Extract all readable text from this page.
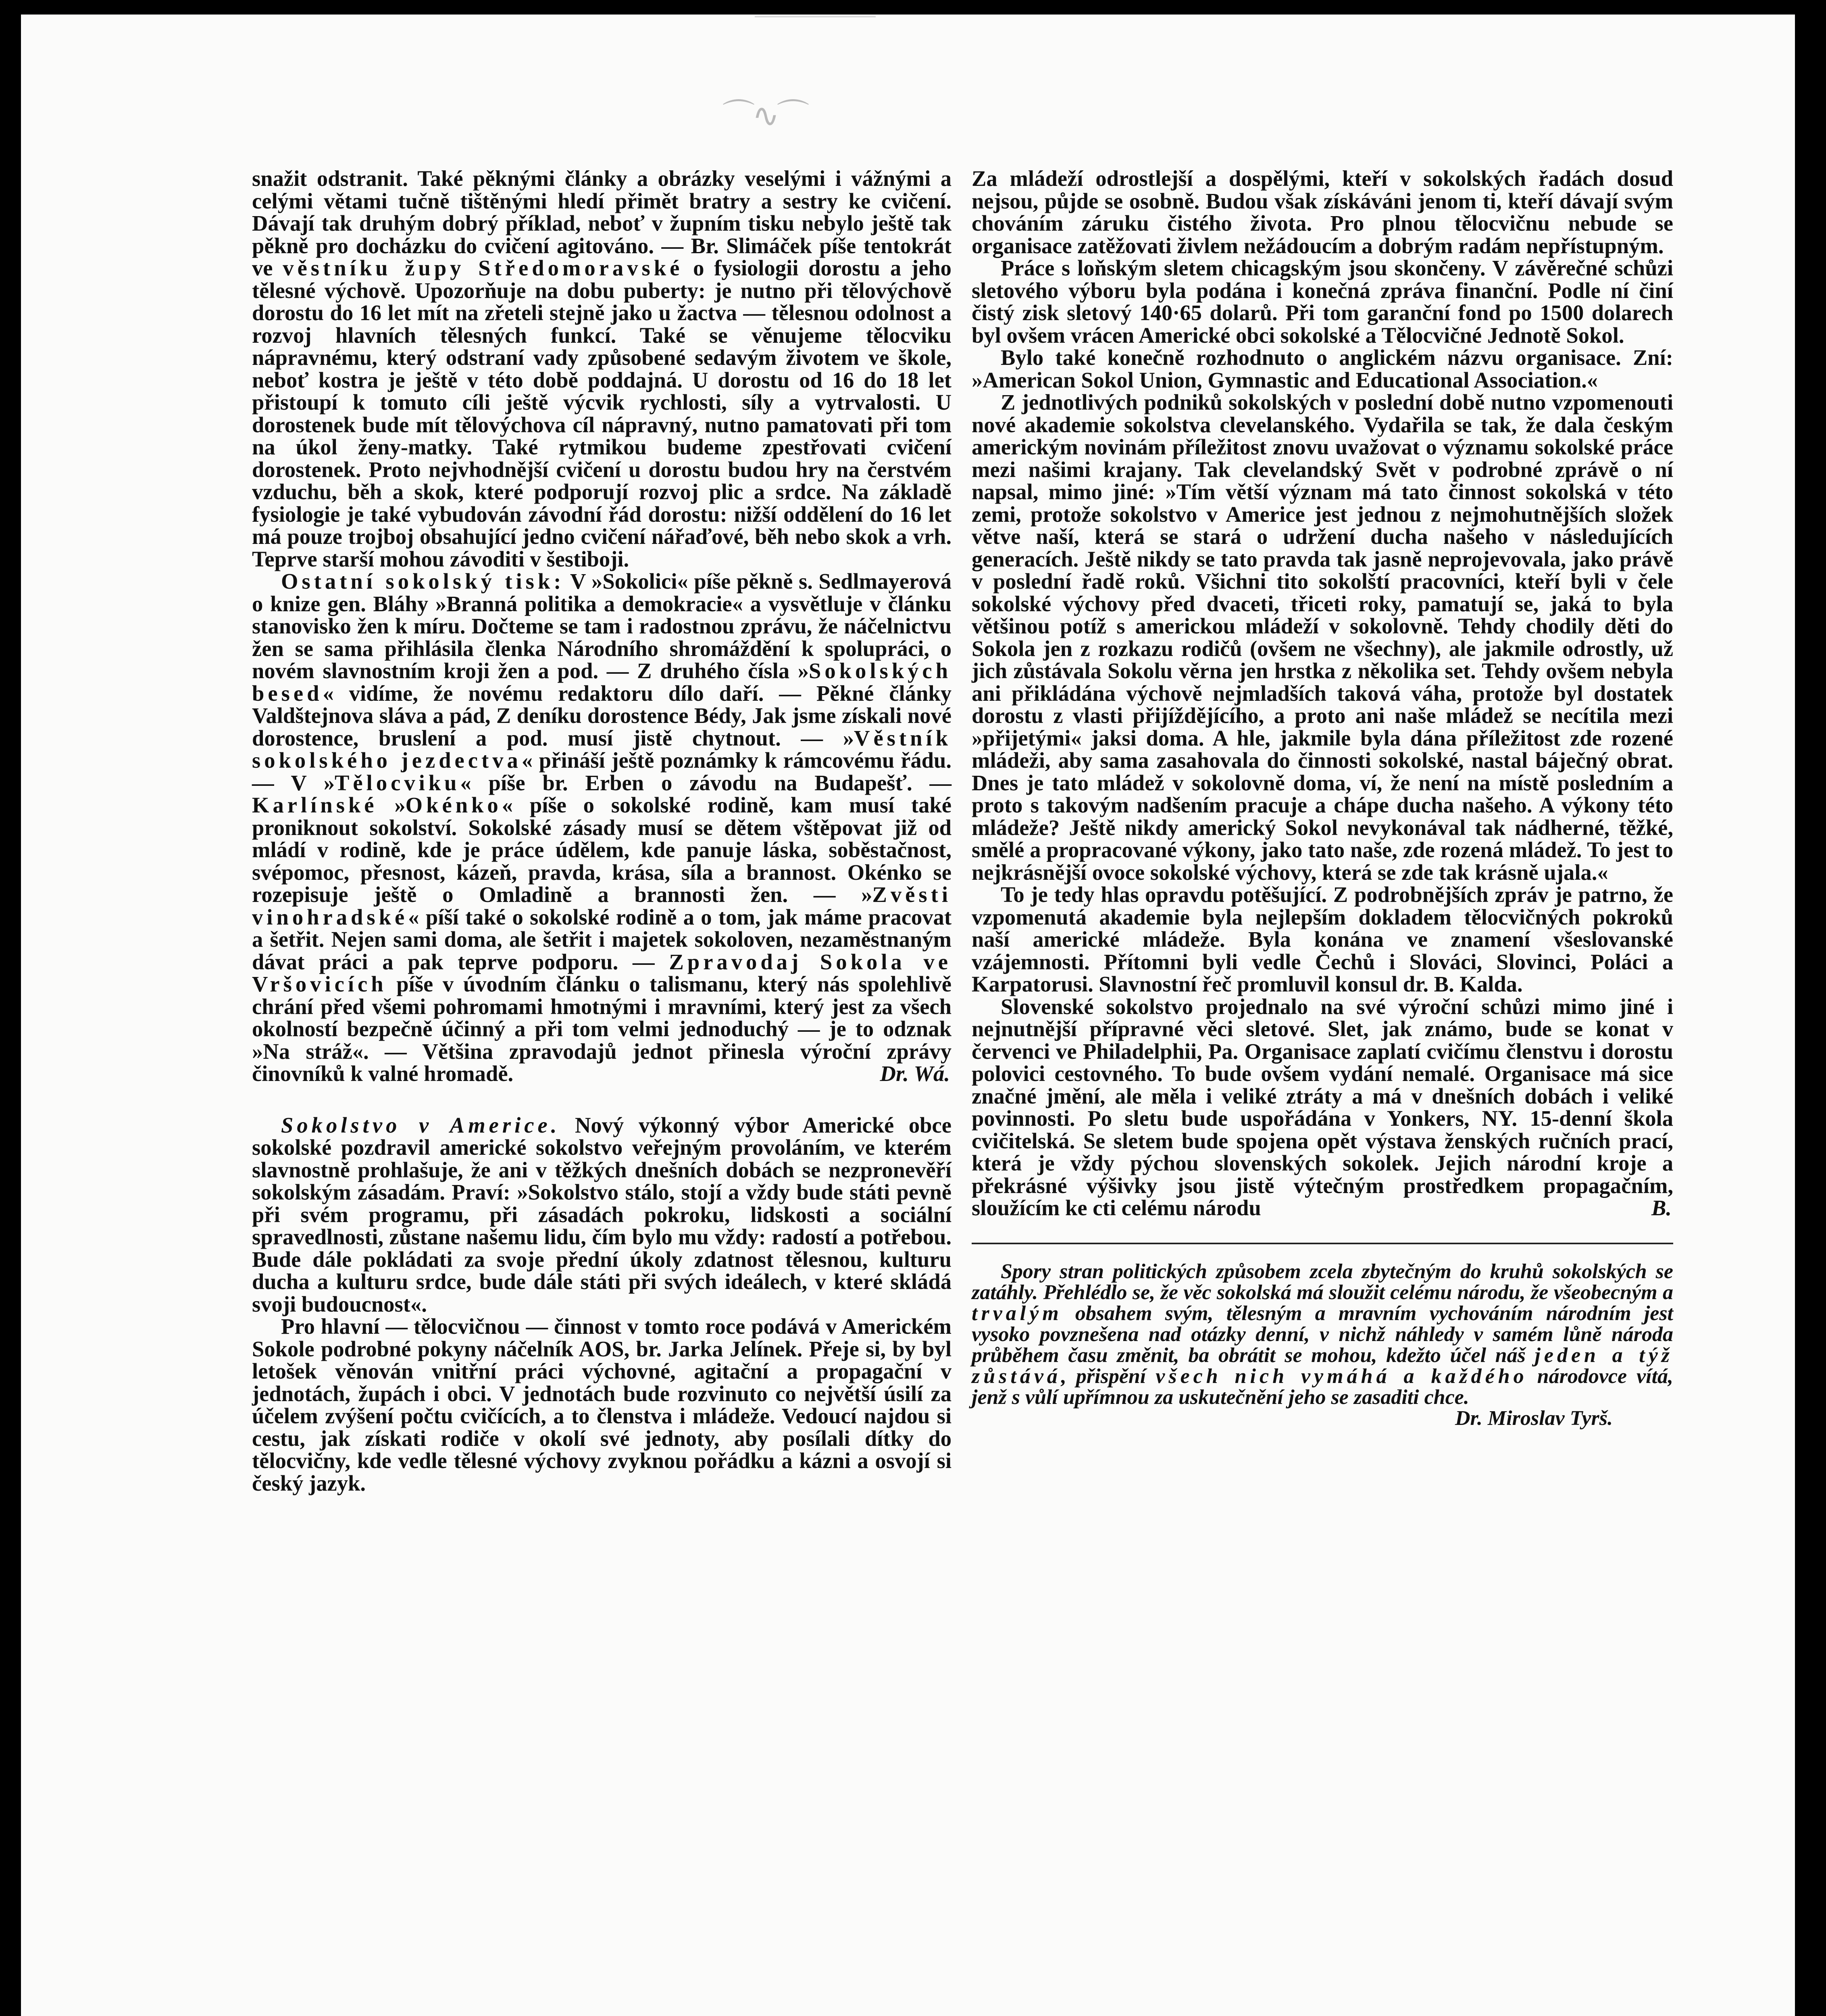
⌒∿⌒

snažit odstranit. Také pěknými články a obrázky veselými i vážnými a celými větami tučně tištěnými hledí přimět bratry a sestry ke cvičení. Dávají tak druhým dobrý příklad, neboť v župním tisku nebylo ještě tak pěkně pro docházku do cvičení agitováno. — Br. Slimáček píše tentokrát ve věstníku župy Středomoravské o fysiologii dorostu a jeho tělesné výchově. Upozorňuje na dobu puberty: je nutno při tělovýchově dorostu do 16 let mít na zřeteli stejně jako u žactva — tělesnou odolnost a rozvoj hlavních tělesných funkcí. Také se věnujeme tělocviku nápravnému, který odstraní vady způsobené sedavým životem ve škole, neboť kostra je ještě v této době poddajná. U dorostu od 16 do 18 let přistoupí k tomuto cíli ještě výcvik rychlosti, síly a vytrvalosti. U dorostenek bude mít tělovýchova cíl nápravný, nutno pamatovati při tom na úkol ženy-matky. Také rytmikou budeme zpestřovati cvičení dorostenek. Proto nejvhodnější cvičení u dorostu budou hry na čerstvém vzduchu, běh a skok, které podporují rozvoj plic a srdce. Na základě fysiologie je také vybudován závodní řád dorostu: nižší oddělení do 16 let má pouze trojboj obsahující jedno cvičení nářaďové, běh nebo skok a vrh. Teprve starší mohou závoditi v šestiboji.

Ostatní sokolský tisk: V »Sokolici« píše pěkně s. Sedlmayerová o knize gen. Bláhy »Branná politika a demokracie« a vysvětluje v článku stanovisko žen k míru. Dočteme se tam i radostnou zprávu, že náčelnictvu žen se sama přihlásila členka Národního shromáždění k spolupráci, o novém slavnostním kroji žen a pod. — Z druhého čísla »Sokolských besed« vidíme, že novému redaktoru dílo daří. — Pěkné články Valdštejnova sláva a pád, Z deníku dorostence Bédy, Jak jsme získali nové dorostence, bruslení a pod. musí jistě chytnout. — »Věstník sokolského jezdectva« přináší ještě poznámky k rámcovému řádu. — V »Tělocviku« píše br. Erben o závodu na Budapešť. — Karlínské »Okénko« píše o sokolské rodině, kam musí také proniknout sokolství. Sokolské zásady musí se dětem vštěpovat již od mládí v rodině, kde je práce údělem, kde panuje láska, soběstačnost, svépomoc, přesnost, kázeň, pravda, krása, síla a brannost. Okénko se rozepisuje ještě o Omladině a brannosti žen. — »Zvěsti vinohradské« píší také o sokolské rodině a o tom, jak máme pracovat a šetřit. Nejen sami doma, ale šetřit i majetek sokoloven, nezaměstnaným dávat práci a pak teprve podporu. — Zpravodaj Sokola ve Vršovicích píše v úvodním článku o talismanu, který nás spolehlivě chrání před všemi pohromami hmotnými i mravními, který jest za všech okolností bezpečně účinný a při tom velmi jednoduchý — je to odznak »Na stráž«. — Většina zpravodajů jednot přinesla výroční zprávy činovníků k valné hromadě.	Dr. Wá.

Sokolstvo v Americe. Nový výkonný výbor Americké obce sokolské pozdravil americké sokolstvo veřejným provoláním, ve kterém slavnostně prohlašuje, že ani v těžkých dnešních dobách se nezpronevěří sokolským zásadám. Praví: »Sokolstvo stálo, stojí a vždy bude státi pevně při svém programu, při zásadách pokroku, lidskosti a sociální spravedlnosti, zůstane našemu lidu, čím bylo mu vždy: radostí a potřebou. Bude dále pokládati za svoje přední úkoly zdatnost tělesnou, kulturu ducha a kulturu srdce, bude dále státi při svých ideálech, v které skládá svoji budoucnost«.

Pro hlavní — tělocvičnou — činnost v tomto roce podává v Americkém Sokole podrobné pokyny náčelník AOS, br. Jarka Jelínek. Přeje si, by byl letošek věnován vnitřní práci výchovné, agitační a propagační v jednotách, župách i obci. V jednotách bude rozvinuto co největší úsilí za účelem zvýšení počtu cvičících, a to členstva i mládeže. Vedoucí najdou si cestu, jak získati rodiče v okolí své jednoty, aby posílali dítky do tělocvičny, kde vedle tělesné výchovy zvyknou pořádku a kázni a osvojí si český jazyk.

Za mládeží odrostlejší a dospělými, kteří v sokolských řadách dosud nejsou, půjde se osobně. Budou však získáváni jenom ti, kteří dávají svým chováním záruku čistého života. Pro plnou tělocvičnu nebude se organisace zatěžovati živlem nežádoucím a dobrým radám nepřístupným.

Práce s loňským sletem chicagským jsou skončeny. V závěrečné schůzi sletového výboru byla podána i konečná zpráva finanční. Podle ní činí čistý zisk sletový 140·65 dolarů. Při tom garanční fond po 1500 dolarech byl ovšem vrácen Americké obci sokolské a Tělocvičné Jednotě Sokol.

Bylo také konečně rozhodnuto o anglickém názvu organisace. Zní: »American Sokol Union, Gymnastic and Educational Association.«

Z jednotlivých podniků sokolských v poslední době nutno vzpomenouti nové akademie sokolstva clevelanského. Vydařila se tak, že dala českým americkým novinám příležitost znovu uvažovat o významu sokolské práce mezi našimi krajany. Tak clevelandský Svět v podrobné zprávě o ní napsal, mimo jiné: »Tím větší význam má tato činnost sokolská v této zemi, protože sokolstvo v Americe jest jednou z nejmohutnějších složek větve naší, která se stará o udržení ducha našeho v následujících generacích. Ještě nikdy se tato pravda tak jasně neprojevovala, jako právě v poslední řadě roků. Všichni tito sokolští pracovníci, kteří byli v čele sokolské výchovy před dvaceti, třiceti roky, pamatují se, jaká to byla většinou potíž s americkou mládeží v sokolovně. Tehdy chodily děti do Sokola jen z rozkazu rodičů (ovšem ne všechny), ale jakmile odrostly, už jich zůstávala Sokolu věrna jen hrstka z několika set. Tehdy ovšem nebyla ani přikládána výchově nejmladších taková váha, protože byl dostatek dorostu z vlasti přijíždějícího, a proto ani naše mládež se necítila mezi »přijetými« jaksi doma. A hle, jakmile byla dána příležitost zde rozené mládeži, aby sama zasahovala do činnosti sokolské, nastal báječný obrat. Dnes je tato mládež v sokolovně doma, ví, že není na místě posledním a proto s takovým nadšením pracuje a chápe ducha našeho. A výkony této mládeže? Ještě nikdy americký Sokol nevykonával tak nádherné, těžké, smělé a propracované výkony, jako tato naše, zde rozená mládež. To jest to nejkrásnější ovoce sokolské výchovy, která se zde tak krásně ujala.«

To je tedy hlas opravdu potěšující. Z podrobnějších zpráv je patrno, že vzpomenutá akademie byla nejlepším dokladem tělocvičných pokroků naší americké mládeže. Byla konána ve znamení všeslovanské vzájemnosti. Přítomni byli vedle Čechů i Slováci, Slovinci, Poláci a Karpatorusi. Slavnostní řeč promluvil konsul dr. B. Kalda.

Slovenské sokolstvo projednalo na své výroční schůzi mimo jiné i nejnutnější přípravné věci sletové. Slet, jak známo, bude se konat v červenci ve Philadelphii, Pa. Organisace zaplatí cvičímu členstvu i dorostu polovici cestovného. To bude ovšem vydání nemalé. Organisace má sice značné jmění, ale měla i veliké ztráty a má v dnešních dobách i veliké povinnosti. Po sletu bude uspořádána v Yonkers, NY. 15-denní škola cvičitelská. Se sletem bude spojena opět výstava ženských ručních prací, která je vždy pýchou slovenských sokolek. Jejich národní kroje a překrásné výšivky jsou jistě výtečným prostředkem propagačním, sloužícím ke cti celému národu	B.

Spory stran politických způsobem zcela zbytečným do kruhů sokolských se zatáhly. Přehlédlo se, že věc sokolská má sloužit celému národu, že všeobecným a trvalým obsahem svým, tělesným a mravním vychováním národním jest vysoko povznešena nad otázky denní, v nichž náhledy v samém lůně národa průběhem času změnit, ba obrátit se mohou, kdežto účel náš jeden a týž zůstává, přispění všech nich vymáhá a každého národovce vítá, jenž s vůlí upřímnou za uskutečnění jeho se zasaditi chce.
Dr. Miroslav Tyrš.
